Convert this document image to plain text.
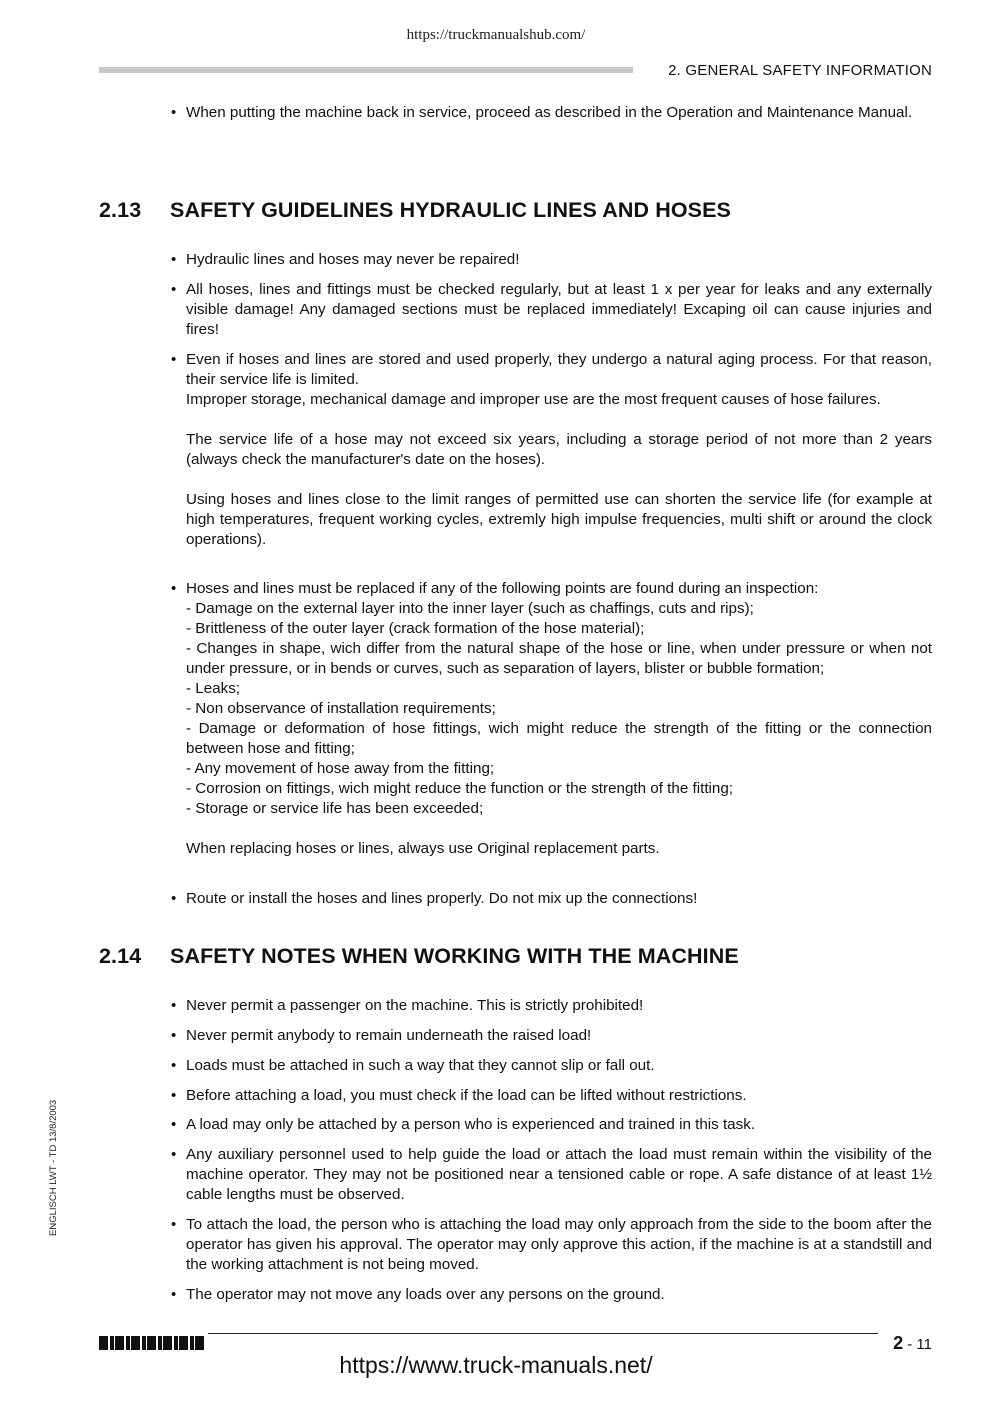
https://truckmanualshub.com/
2. GENERAL SAFETY INFORMATION

• When putting the machine back in service, proceed as described in the Operation and Maintenance Manual.

2.13 SAFETY GUIDELINES HYDRAULIC LINES AND HOSES

• Hydraulic lines and hoses may never be repaired!

• All hoses, lines and fittings must be checked regularly, but at least 1 x per year for leaks and any externally visible damage! Any damaged sections must be replaced immediately! Excaping oil can cause injuries and fires!

• Even if hoses and lines are stored and used properly, they undergo a natural aging process. For that reason, their service life is limited.

Improper storage, mechanical damage and improper use are the most frequent causes of hose failures.

The service life of a hose may not exceed six years, including a storage period of not more than 2 years (always check the manufacturer's date on the hoses).

Using hoses and lines close to the limit ranges of permitted use can shorten the service life (for example at high temperatures, frequent working cycles, extremly high impulse frequencies, multi shift or around the clock operations).

• Hoses and lines must be replaced if any of the following points are found during an inspection:

- Damage on the external layer into the inner layer (such as chaffings, cuts and rips);

- Brittleness of the outer layer (crack formation of the hose material);

- Changes in shape, wich differ from the natural shape of the hose or line, when under pressure or when not under pressure, or in bends or curves, such as separation of layers, blister or bubble formation;

- Leaks;

- Non observance of installation requirements;

- Damage or deformation of hose fittings, wich might reduce the strength of the fitting or the connection between hose and fitting;

- Any movement of hose away from the fitting;

- Corrosion on fittings, wich might reduce the function or the strength of the fitting;

- Storage or service life has been exceeded;

When replacing hoses or lines, always use Original replacement parts.

• Route or install the hoses and lines properly. Do not mix up the connections!

2.14 SAFETY NOTES WHEN WORKING WITH THE MACHINE

• Never permit a passenger on the machine. This is strictly prohibited!

• Never permit anybody to remain underneath the raised load!

• Loads must be attached in such a way that they cannot slip or fall out.

• Before attaching a load, you must check if the load can be lifted without restrictions.

• A load may only be attached by a person who is experienced and trained in this task.

• Any auxiliary personnel used to help guide the load or attach the load must remain within the visibility of the machine operator. They may not be positioned near a tensioned cable or rope. A safe distance of at least 1½ cable lengths must be observed.

• To attach the load, the person who is attaching the load may only approach from the side to the boom after the operator has given his approval. The operator may only approve this action, if the machine is at a standstill and the working attachment is not being moved.

• The operator may not move any loads over any persons on the ground.

ENGLISCH LWT - TD 13/8/2003
2 - 11
https://www.truck-manuals.net/
